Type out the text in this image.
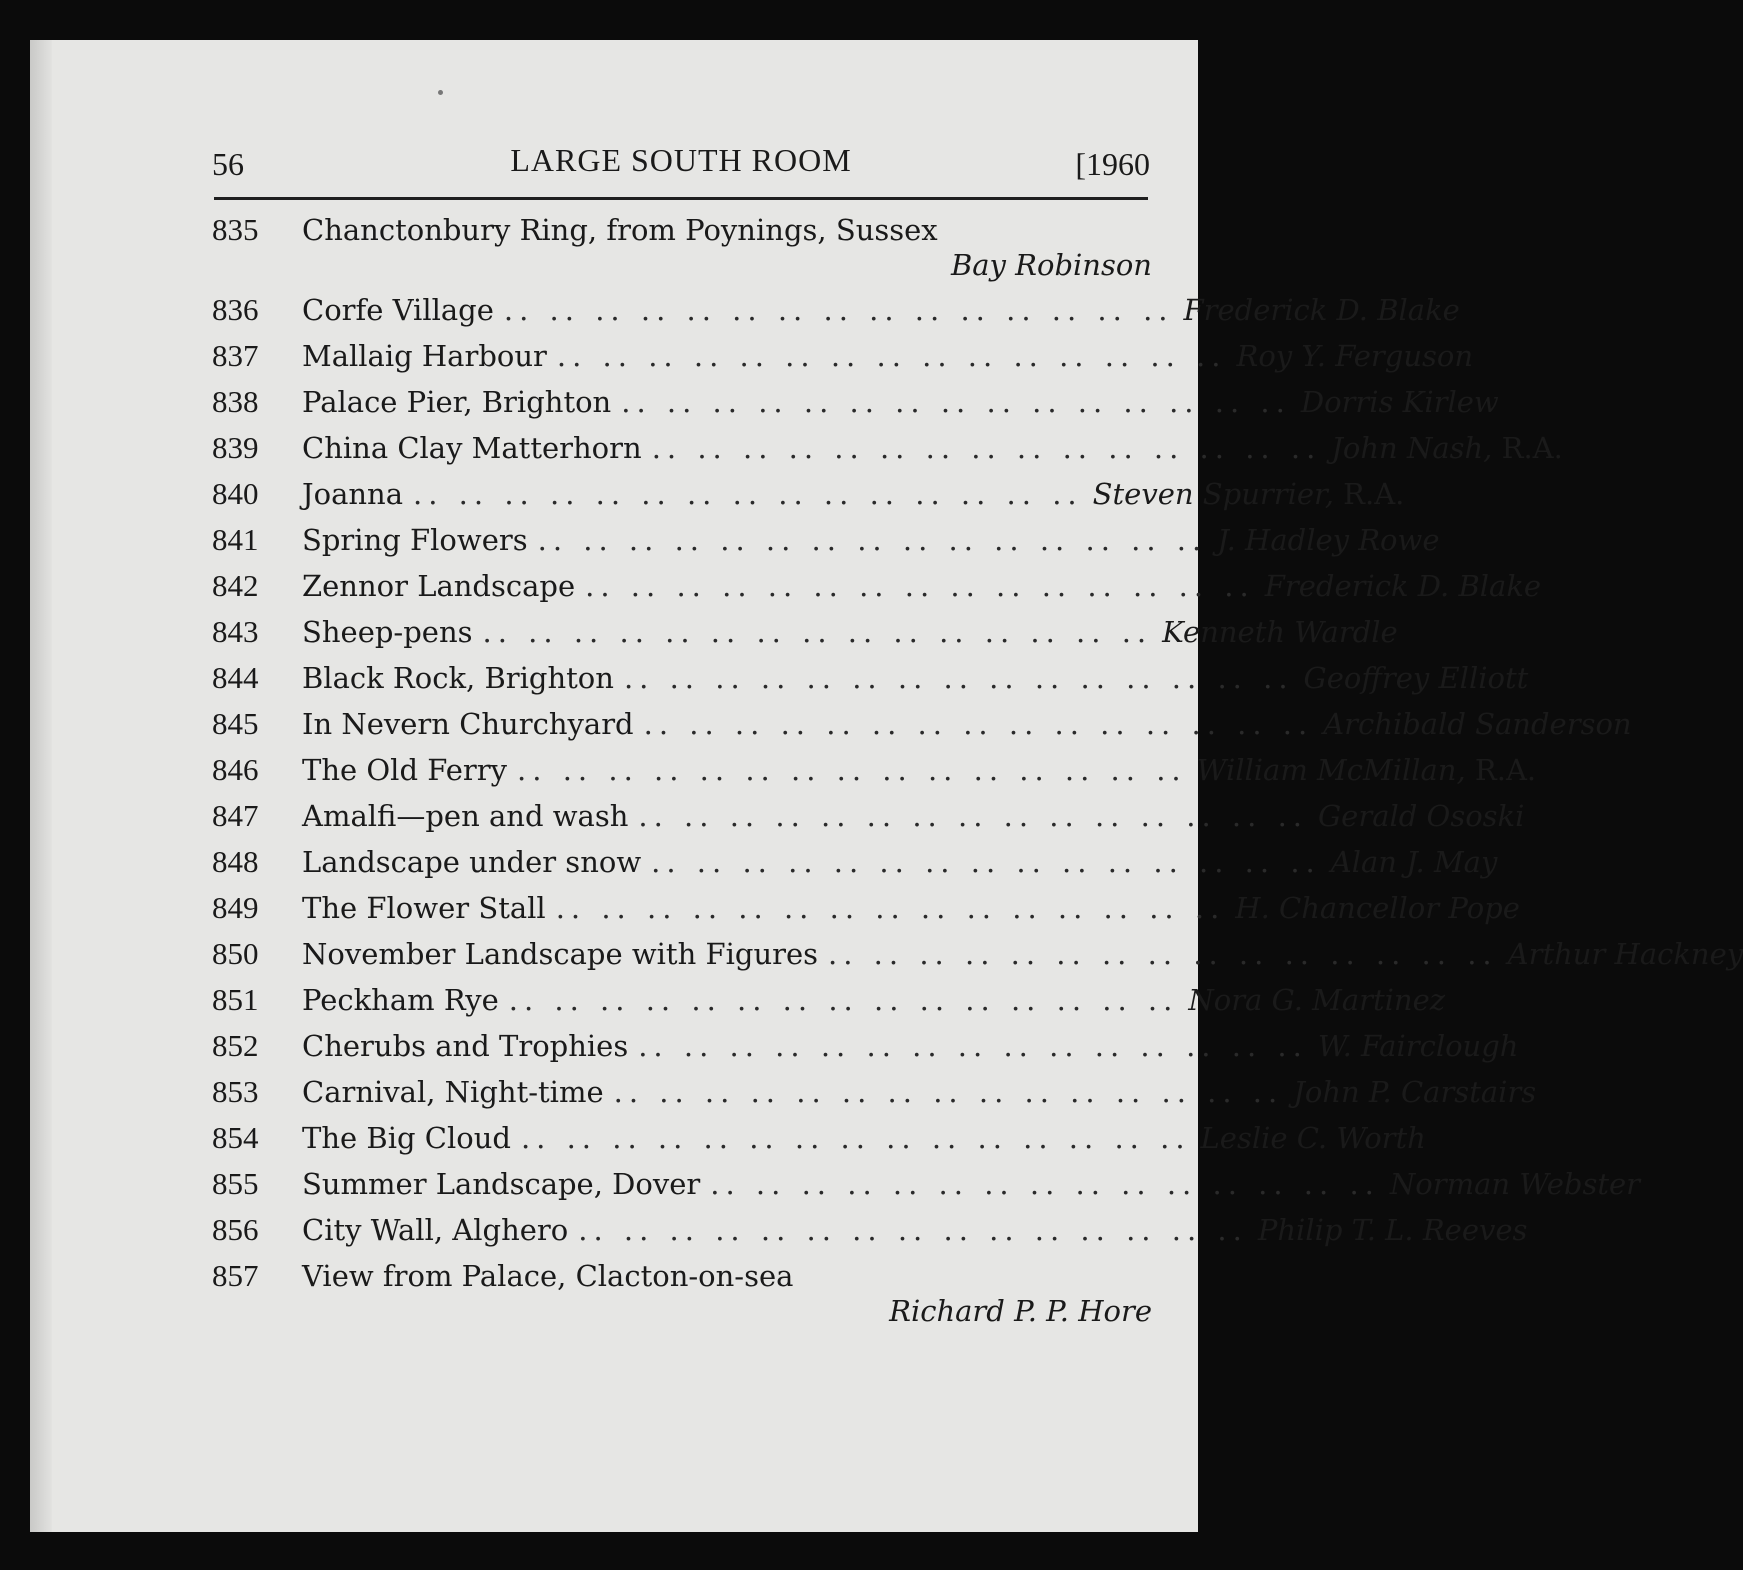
56	LARGE SOUTH ROOM	[1960
835	Chanctonbury Ring, from Poynings, Sussex
Bay Robinson
836	Corfe Village .. .. .. .. .. .. .. .. .. .. .. .. .. .. .. Frederick D. Blake
837	Mallaig Harbour .. .. .. .. .. .. .. .. .. .. .. .. .. .. .. Roy Y. Ferguson
838	Palace Pier, Brighton .. .. .. .. .. .. .. .. .. .. .. .. .. .. .. Dorris Kirlew
839	China Clay Matterhorn .. .. .. .. .. .. .. .. .. .. .. .. .. .. .. John Nash, R.A.
840	Joanna .. .. .. .. .. .. .. .. .. .. .. .. .. .. .. Steven Spurrier, R.A.
841	Spring Flowers .. .. .. .. .. .. .. .. .. .. .. .. .. .. .. J. Hadley Rowe
842	Zennor Landscape .. .. .. .. .. .. .. .. .. .. .. .. .. .. .. Frederick D. Blake
843	Sheep-pens .. .. .. .. .. .. .. .. .. .. .. .. .. .. .. Kenneth Wardle
844	Black Rock, Brighton .. .. .. .. .. .. .. .. .. .. .. .. .. .. .. Geoffrey Elliott
845	In Nevern Churchyard .. .. .. .. .. .. .. .. .. .. .. .. .. .. .. Archibald Sanderson
846	The Old Ferry .. .. .. .. .. .. .. .. .. .. .. .. .. .. .. William McMillan, R.A.
847	Amalfi—pen and wash .. .. .. .. .. .. .. .. .. .. .. .. .. .. .. Gerald Ososki
848	Landscape under snow .. .. .. .. .. .. .. .. .. .. .. .. .. .. .. Alan J. May
849	The Flower Stall .. .. .. .. .. .. .. .. .. .. .. .. .. .. .. H. Chancellor Pope
850	November Landscape with Figures .. .. .. .. .. .. .. .. .. .. .. .. .. .. .. Arthur Hackney
851	Peckham Rye .. .. .. .. .. .. .. .. .. .. .. .. .. .. .. Nora G. Martinez
852	Cherubs and Trophies .. .. .. .. .. .. .. .. .. .. .. .. .. .. .. W. Fairclough
853	Carnival, Night-time .. .. .. .. .. .. .. .. .. .. .. .. .. .. .. John P. Carstairs
854	The Big Cloud .. .. .. .. .. .. .. .. .. .. .. .. .. .. .. Leslie C. Worth
855	Summer Landscape, Dover .. .. .. .. .. .. .. .. .. .. .. .. .. .. .. Norman Webster
856	City Wall, Alghero .. .. .. .. .. .. .. .. .. .. .. .. .. .. .. Philip T. L. Reeves
857	View from Palace, Clacton-on-sea
Richard P. P. Hore
